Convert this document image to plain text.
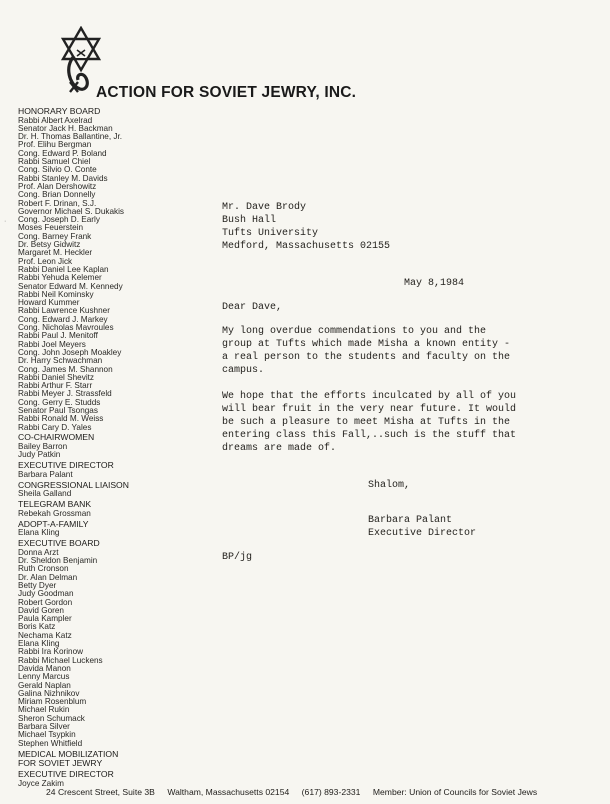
ACTION FOR SOVIET JEWRY, INC.
·
HONORARY BOARD
Rabbi Albert Axelrad
Senator Jack H. Backman
Dr. H. Thomas Ballantine, Jr.
Prof. Elihu Bergman
Cong. Edward P. Boland
Rabbi Samuel Chiel
Cong. Silvio O. Conte
Rabbi Stanley M. Davids
Prof. Alan Dershowitz
Cong. Brian Donnelly
Robert F. Drinan, S.J.
Governor Michael S. Dukakis
Cong. Joseph D. Early
Moses Feuerstein
Cong. Barney Frank
Dr. Betsy Gidwitz
Margaret M. Heckler
Prof. Leon Jick
Rabbi Daniel Lee Kaplan
Rabbi Yehuda Kelemer
Senator Edward M. Kennedy
Rabbi Neil Kominsky
Howard Kummer
Rabbi Lawrence Kushner
Cong. Edward J. Markey
Cong. Nicholas Mavroules
Rabbi Paul J. Menitoff
Rabbi Joel Meyers
Cong. John Joseph Moakley
Dr. Harry Schwachman
Cong. James M. Shannon
Rabbi Daniel Shevitz
Rabbi Arthur F. Starr
Rabbi Meyer J. Strassfeld
Cong. Gerry E. Studds
Senator Paul Tsongas
Rabbi Ronald M. Weiss
Rabbi Cary D. Yales
CO-CHAIRWOMEN
Bailey Barron
Judy Patkin
EXECUTIVE DIRECTOR
Barbara Palant
CONGRESSIONAL LIAISON
Sheila Galland
TELEGRAM BANK
Rebekah Grossman
ADOPT-A-FAMILY
Elana Kling
EXECUTIVE BOARD
Donna Arzt
Dr. Sheldon Benjamin
Ruth Cronson
Dr. Alan Delman
Betty Dyer
Judy Goodman
Robert Gordon
David Goren
Paula Kampler
Boris Katz
Nechama Katz
Elana Kling
Rabbi Ira Korinow
Rabbi Michael Luckens
Davida Manon
Lenny Marcus
Gerald Naplan
Galina Nizhnikov
Miriam Rosenblum
Michael Rukin
Sheron Schumack
Barbara Silver
Michael Tsypkin
Stephen Whitfield
MEDICAL MOBILIZATION
FOR SOVIET JEWRY
EXECUTIVE DIRECTOR
Joyce Zakim
Mr. Dave Brody
Bush Hall
Tufts University
Medford, Massachusetts 02155
May 8,1984
Dear Dave,
My long overdue commendations to you and the
group at Tufts which made Misha a known entity -
a real person to the students and faculty on the
campus.
We hope that the efforts inculcated by all of you
will bear fruit in the very near future. It would
be such a pleasure to meet Misha at Tufts in the
entering class this Fall,..such is the stuff that
dreams are made of.
Shalom,
Barbara Palant
Executive Director
BP/jg
24 Crescent Street, Suite 3B Waltham, Massachusetts 02154 (617) 893-2331 Member: Union of Councils for Soviet Jews
